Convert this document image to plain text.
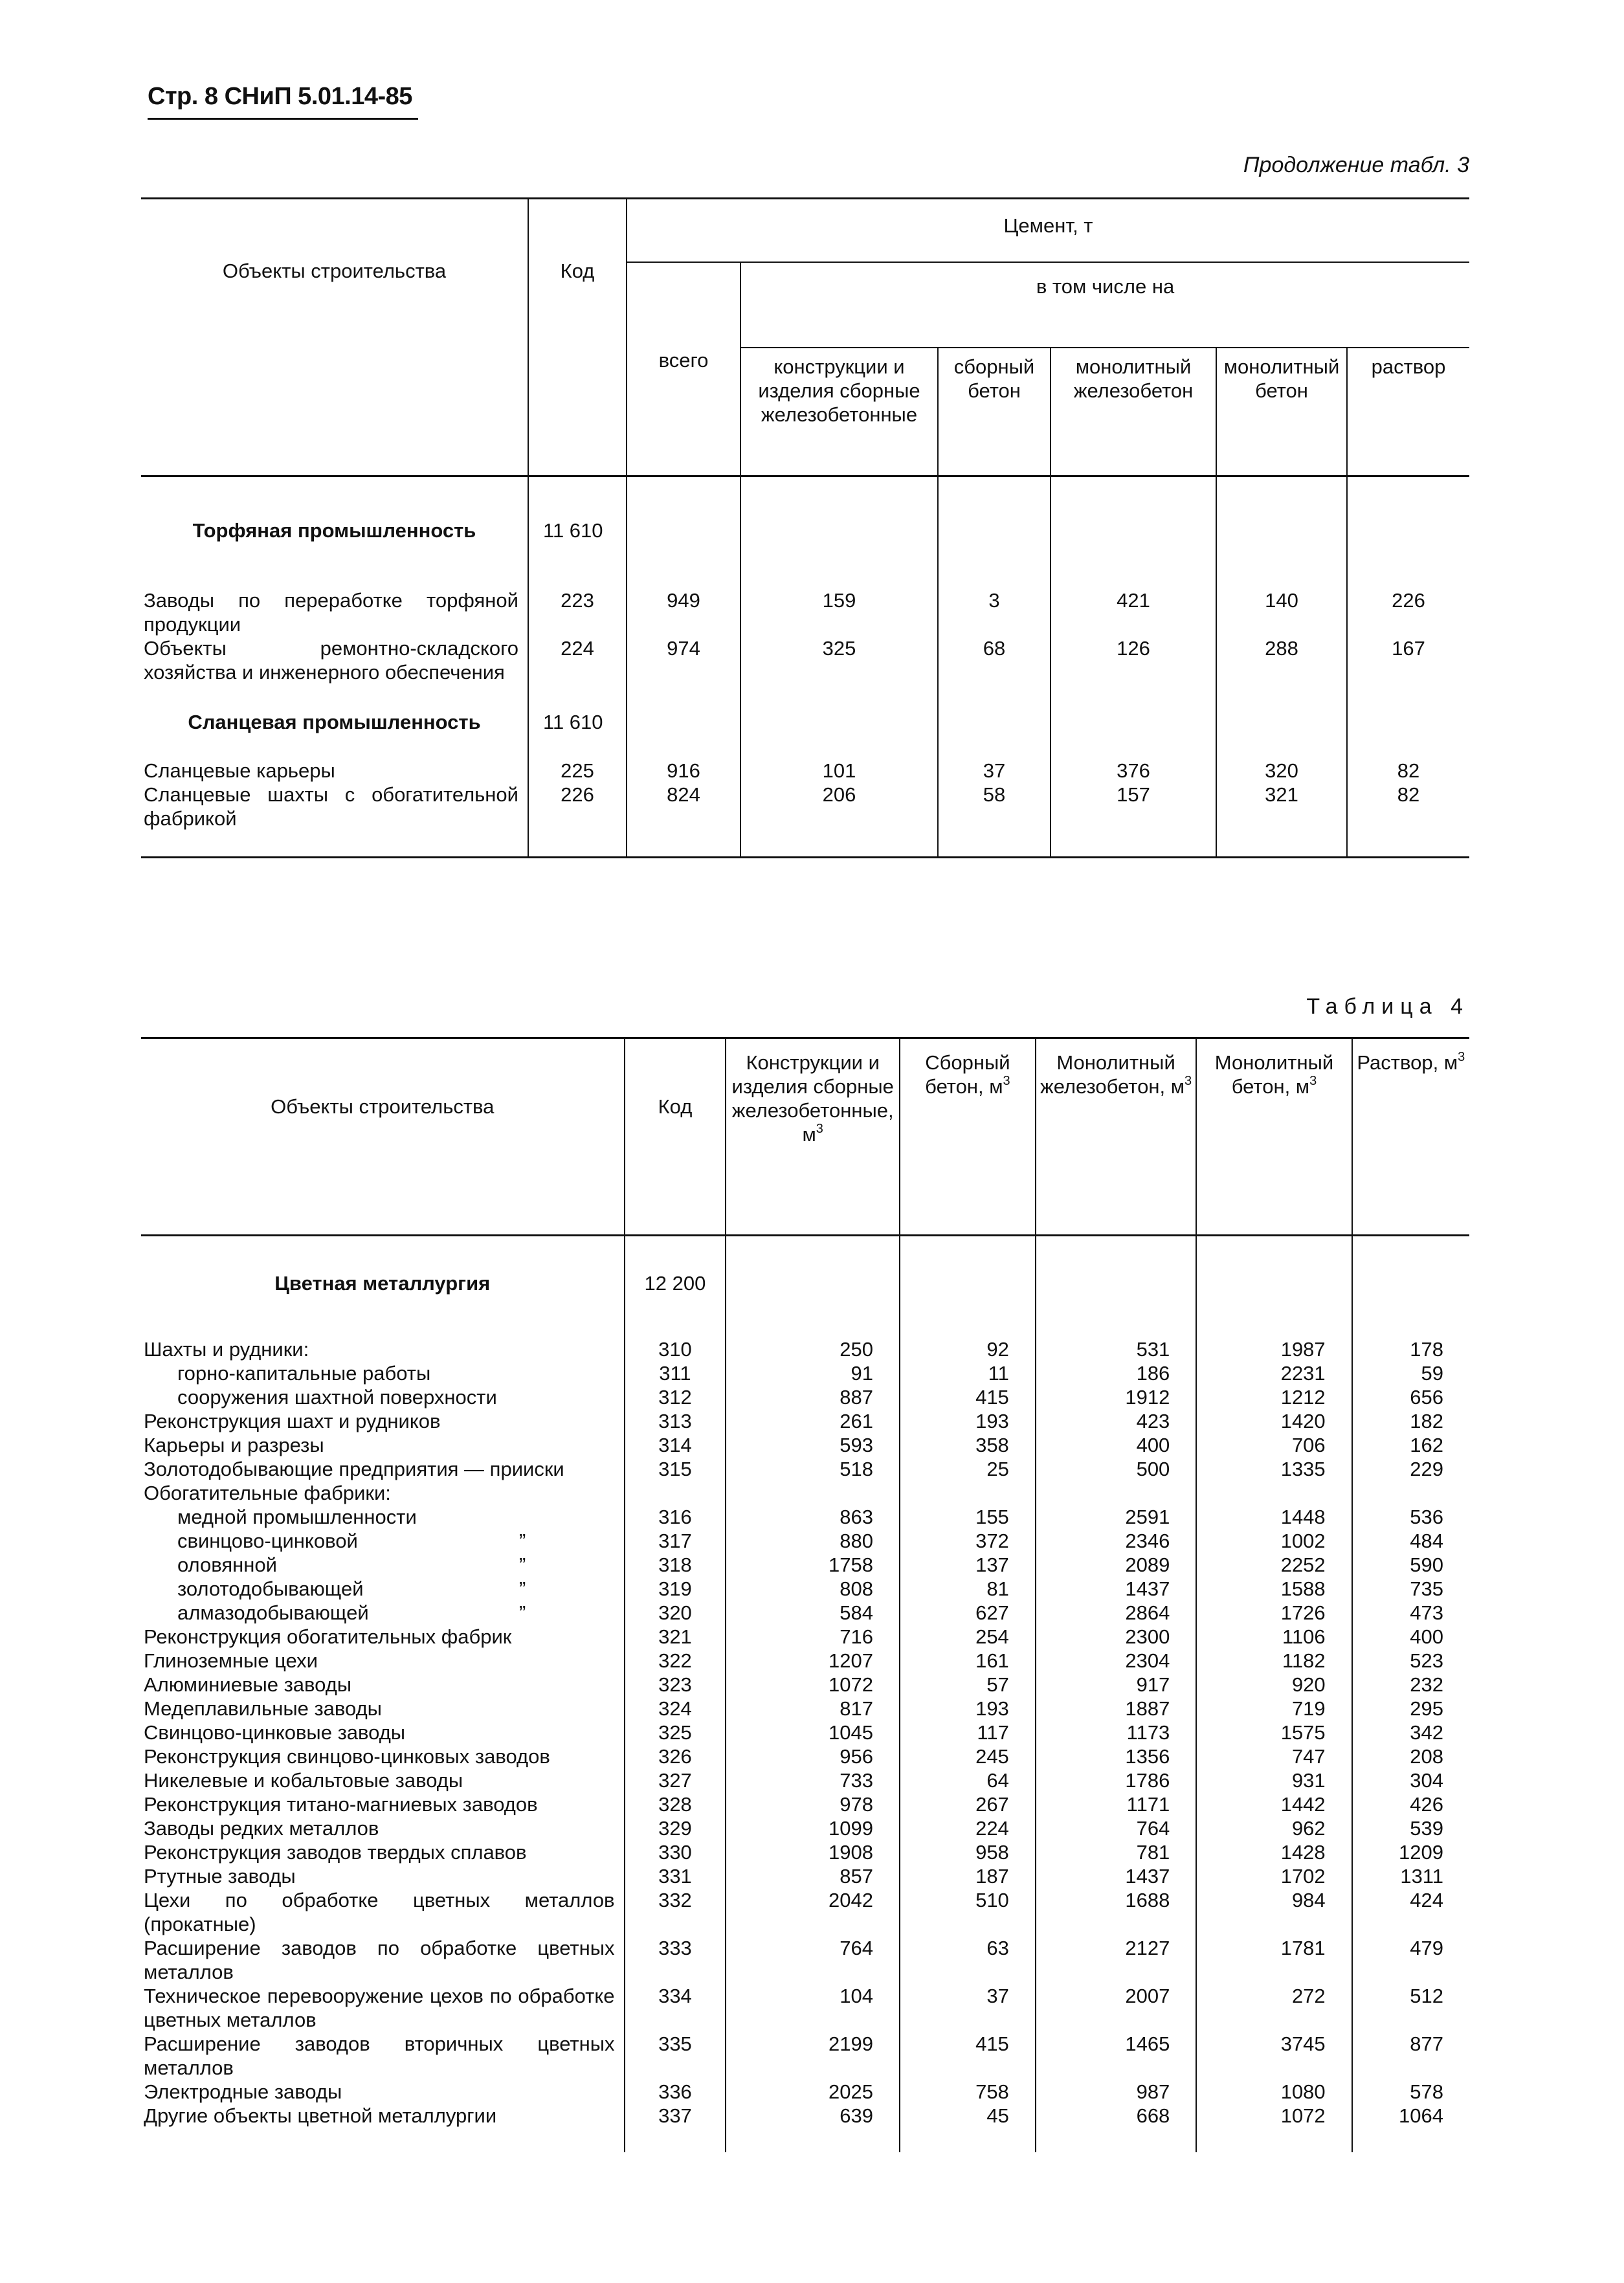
Стр. 8 СНиП 5.01.14-85
Продолжение табл. 3
Объекты строительства	Код	Цемент, т					
		всего	в том числе на				
			конструкции и изделия сборные железобетонные	сборный бетон	монолитный железобетон	монолитный бетон	раствор
Торфяная промышленность	11 610						
Заводы по переработке торфяной продукции	223	949	159	3	421	140	226
Объекты ремонтно-складского хозяйства и инженерного обеспечения	224	974	325	68	126	288	167
Сланцевая промышленность	11 610						
Сланцевые карьеры	225	916	101	37	376	320	82
Сланцевые шахты с обогатительной фабрикой	226	824	206	58	157	321	82
Таблица 4
Объекты строительства	Код	Конструкции и изделия сборные железобетонные, $м^3$	Сборный бетон, $м^3$	Монолитный железобетон, $м^3$	Монолитный бетон, $м^3$	Раствор, $м^3$
Цветная металлургия	12 200					
Шахты и рудники:	310	250	92	531	1987	178
горно-капитальные работы	311	91	11	186	2231	59
сооружения шахтной поверхности	312	887	415	1912	1212	656
Реконструкция шахт и рудников	313	261	193	423	1420	182
Карьеры и разрезы	314	593	358	400	706	162
Золотодобывающие предприятия — прииски	315	518	25	500	1335	229
Обогатительные фабрики:						
медной промышленности	316	863	155	2591	1448	536
свинцово-цинковой ”	317	880	372	2346	1002	484
оловянной ”	318	1758	137	2089	2252	590
золотодобывающей ”	319	808	81	1437	1588	735
алмазодобывающей ”	320	584	627	2864	1726	473
Реконструкция обогатительных фабрик	321	716	254	2300	1106	400
Глиноземные цехи	322	1207	161	2304	1182	523
Алюминиевые заводы	323	1072	57	917	920	232
Медеплавильные заводы	324	817	193	1887	719	295
Свинцово-цинковые заводы	325	1045	117	1173	1575	342
Реконструкция свинцово-цинковых заводов	326	956	245	1356	747	208
Никелевые и кобальтовые заводы	327	733	64	1786	931	304
Реконструкция титано-магниевых заводов	328	978	267	1171	1442	426
Заводы редких металлов	329	1099	224	764	962	539
Реконструкция заводов твердых сплавов	330	1908	958	781	1428	1209
Ртутные заводы	331	857	187	1437	1702	1311
Цехи по обработке цветных металлов (прокатные)	332	2042	510	1688	984	424
Расширение заводов по обработке цветных металлов	333	764	63	2127	1781	479
Техническое перевооружение цехов по обработке цветных металлов	334	104	37	2007	272	512
Расширение заводов вторичных цветных металлов	335	2199	415	1465	3745	877
Электродные заводы	336	2025	758	987	1080	578
Другие объекты цветной металлургии	337	639	45	668	1072	1064
